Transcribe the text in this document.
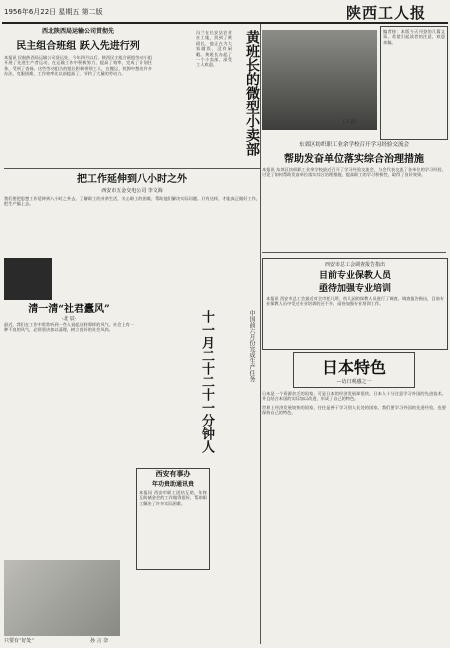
1956年6月22日 星期五 第二版	陕西工人报
西北陕西局运输公司贯彻先
民主组合班组 跃入先进行列
本报讯 民航陕西局运输公司货运处，今年四月以后，陕西民主组合班组劳动小组开展了先进生产者运动，在运输工作中积极努力，提高了效率，完成了计划任务，受到了表扬。这些劳动组合的组长积极带领工人，在搬运、装卸中想出许多办法，克服困难，工作效率比以前提高了，节约了大量的劳动力。	黄班长的微型小卖部
冯兰在长安县农业社工地，找到了黄班长，他正在为大家做饭，没有闲暇。黄班长办起了一个小卖部，深受工人欢迎。
（工会）
编者按：本版今天刊登的几篇文章，希望引起读者的注意，欢迎来稿。
东郊区纺织职工业余学校召开学习经验交流会
帮助发奋单位落实综合治理措施
本报讯 东郊区纺织职工业余学校最近召开了学习经验交流会，与会代表交流了各单位的学习经验，讨论了如何帮助发奋单位落实综合治理措施，提高职工的学习积极性，取得了良好效果。
把工作延伸到八小时之外
西安市五金交电公司 李文海
我们要把思想工作延伸到八小时之外去，了解职工的业余生活，关心职工的困难，帮助他们解决实际问题。只有这样，才能真正做好工作，把生产搞上去。
西安市总工会调查报告指出
目前专业保教人员
亟待加强专业培训
本报讯 西安市总工会最近对全市托儿所、幼儿园的保教人员进行了调查，调查报告指出，目前专业保教人员中受过专业培训的还不多，亟待加强专业培训工作。
清一清“社君蠹风”
·北 辰·
最近，我们在工作中常常听到一些人说起这样那样的风气。社会上有一种不良的风气，必须坚决加以清理，树立良好的社会风尚。	十一月二十二十一分钟人	中国前六月份完成生产任务
西安有事办
年功贵助通讯贵
本报讯 西安市职工团结互助，年终互助储金会的工作做得很好，帮助职工解决了许多实际困难。
日本特色
—访日观感之一
日本是一个资源贫乏的国家，可是日本的经济发展却很快。日本人十分注意学习外国的先进技术，并且结合本国的实际加以改进，形成了自己的特色。
世界上经济发展较快的国家，往往是善于学习别人长处的国家。我们要学习外国的先进经验，也要保持自己的特色。
只要有“好处”	孙 言 奈
